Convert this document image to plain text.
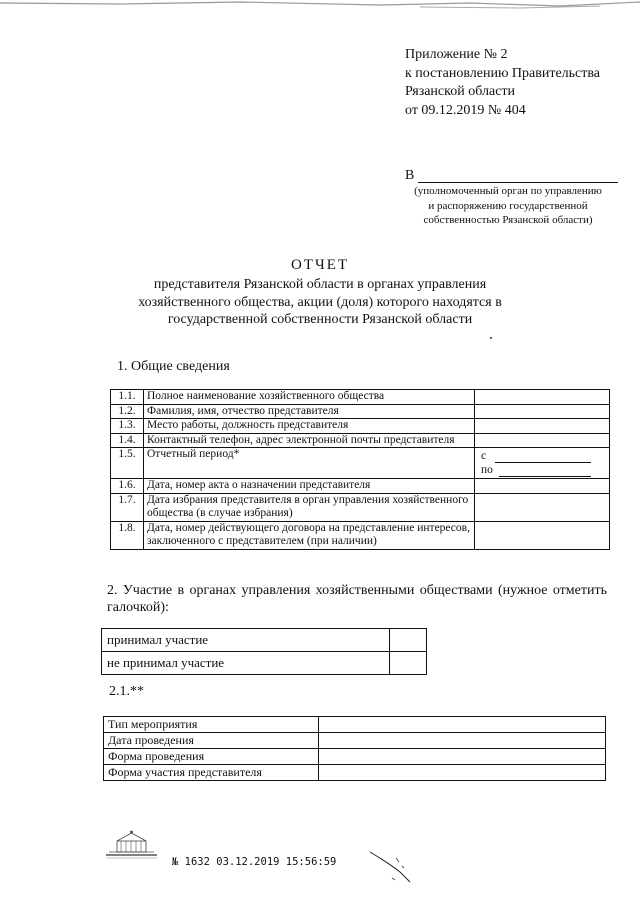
Приложение № 2
к постановлению Правительства
Рязанской области
от 09.12.2019 № 404
В
(уполномоченный орган по управлению
и распоряжению государственной
собственностью Рязанской области)
ОТЧЕТ
представителя Рязанской области в органах управления
хозяйственного общества, акции (доля) которого находятся в
государственной собственности Рязанской области
1. Общие сведения
1.1.	Полное наименование хозяйственного общества	
1.2.	Фамилия, имя, отчество представителя	
1.3.	Место работы, должность представителя	
1.4.	Контактный телефон, адрес электронной почты представителя	
1.5.	Отчетный период*	с
по

1.6.	Дата, номер акта о назначении представителя	
1.7.	Дата избрания представителя в орган управления хозяйственного общества (в случае избрания)	
1.8.	Дата, номер действующего договора на представление интересов, заключенного с представителем (при наличии)	
2. Участие в органах управления хозяйственными обществами (нужное отметить галочкой):
принимал участие	
не принимал участие	
2.1.**
Тип мероприятия	
Дата проведения	
Форма проведения	
Форма участия представителя	
№ 1632 03.12.2019 15:56:59
